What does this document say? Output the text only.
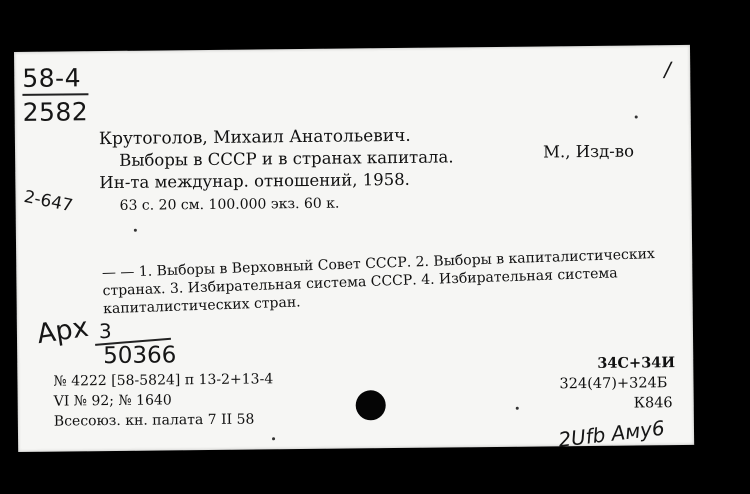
58-4
2582
/
2-647
Крутоголов, Михаил Анатольевич.
Выборы в СССР и в странах капитала.	М., Изд-во
Ин-та междунар. отношений, 1958.
63 с. 20 см. 100.000 экз. 60 к.
— — 1. Выборы в Верховный Совет СССР. 2. Выборы в капиталистических странах. 3. Избирательная система СССР. 4. Избирательная система капиталистических стран.
Арх 3
50366
№ 4222 [58-5824] п 13-2+13-4
VI № 92; № 1640
Всесоюз. кн. палата 7 II 58
34С+34И
324(47)+324Б
К846
2Ufb Aму6
